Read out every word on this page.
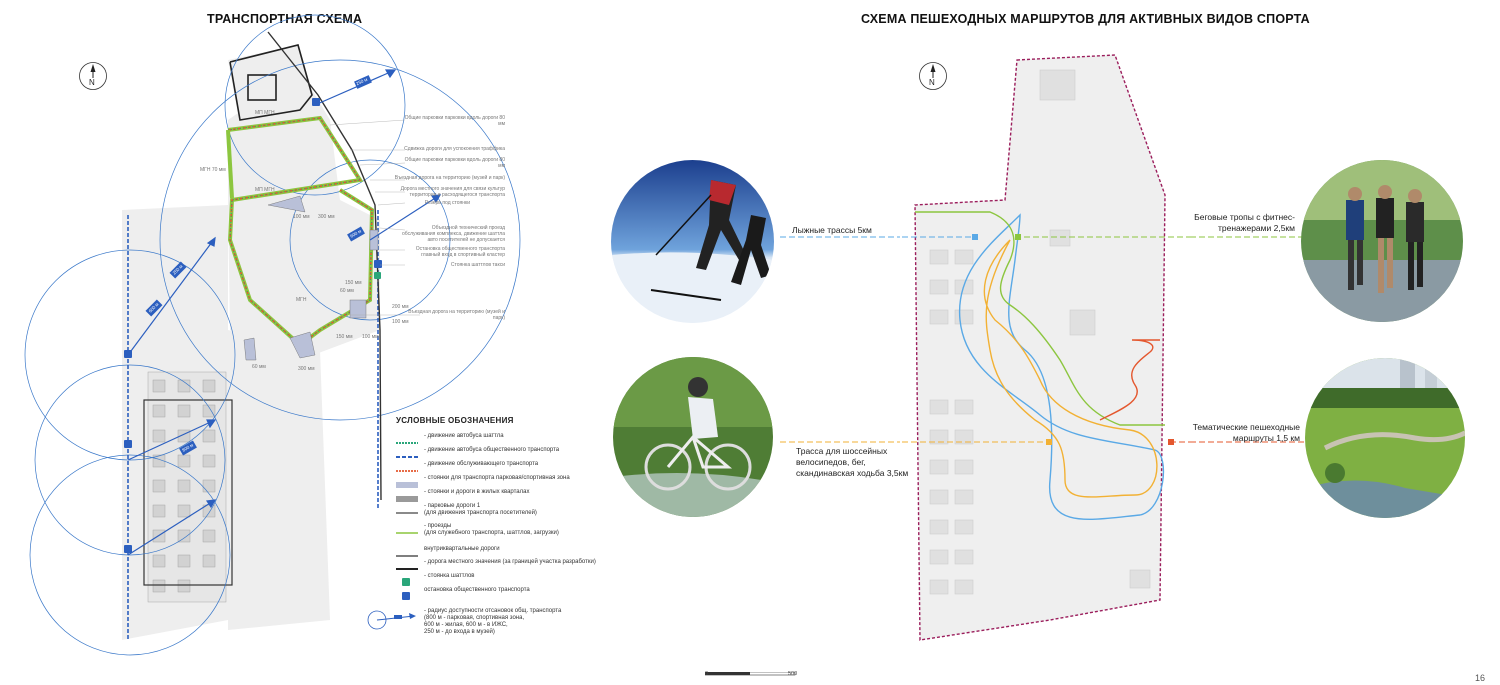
ТРАНСПОРТНАЯ СХЕМА
N
МП МГН
МГН 70 мм
МП МГН
100 мм 300 мм
150 мм
60 мм
МГН
150 мм 100 мм
60 мм	300 мм
200 мм
100 мм
Общие парковки парковки вдоль дороги 80 мм
Сдвижка дороги для успокоения траффика
Общие парковки парковки вдоль дороги 80 мм
Въездная дорога на территорию (музей и парк)
Дорога местного значения для связи культур территории и расходящегося транспорта
Резерв под стоянки
Объездной технический проезд обслуживания комплекса, движение шаттла авто посетителей не допускается
Остановка общественного транспорта главный вход в спортивный кластер
Стоянка шаттлов такси
Въездная дорога на территорию (музей и парк)
250 м
250 м
600 м
800 м
600 м
УСЛОВНЫЕ ОБОЗНАЧЕНИЯ
- движение автобуса шаттла
- движение автобуса общественного транспорта
- движение обслуживающего транспорта
- стоянки для транспорта парковая/спортивная зона
- стоянки и дороги в жилых кварталах
- парковые дороги 1
(для движения транспорта посетителей)
- проезды
(для служебного транспорта, шаттлов, загрузки)
внутриквартальные дороги
- дорога местного значения (за границей участка разработки)
- стоянка шаттлов
остановка общественного транспорта
- радиус доступности отсановок общ. транспорта
(800 м - парковая, спортивная зона,
600 м - жилая, 600 м - в ИЖС,
250 м - до входа в музей)
СХЕМА ПЕШЕХОДНЫХ МАРШРУТОВ ДЛЯ АКТИВНЫХ ВИДОВ СПОРТА
N
Лыжные трассы 5км
Трасса для шоссейных
велосипедов, бег,
скандинавская ходьба 3,5км
Беговые тропы с фитнес-
тренажерами 2,5км
Тематические пешеходные
маршруты 1,5 км
0	500	16
